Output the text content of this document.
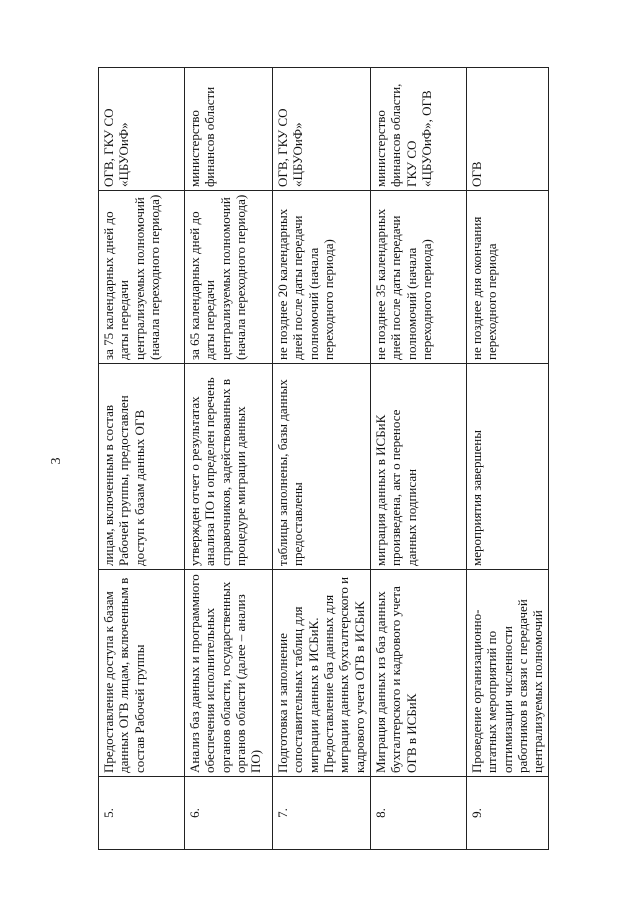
3
5.	Предоставление доступа к базам данных ОГВ лицам, включенным в состав Рабочей группы	лицам, включенным в состав Рабочей группы, предоставлен доступ к базам данных ОГВ	за 75 календарных дней до даты передачи централизуемых полномочий (начала переходного периода)	ОГВ, ГКУ СО «ЦБУОиФ»
6.	Анализ баз данных и программного обеспечения исполнительных органов области, государственных органов области (далее – анализ ПО)	утвержден отчет о результатах анализа ПО и определен перечень справочников, задействованных в процедуре миграции данных	за 65 календарных дней до даты передачи централизуемых полномочий (начала переходного периода)	министерство финансов области
7.	Подготовка и заполнение сопоставительных таблиц для миграции данных в ИСБиК. Предоставление баз данных для миграции данных бухгалтерского и кадрового учета ОГВ в ИСБиК	таблицы заполнены, базы данных предоставлены	не позднее 20 календарных дней после даты передачи полномочий (начала переходного периода)	ОГВ, ГКУ СО «ЦБУОиФ»
8.	Миграция данных из баз данных бухгалтерского и кадрового учета ОГВ в ИСБиК	миграция данных в ИСБиК произведена, акт о переносе данных подписан	не позднее 35 календарных дней после даты передачи полномочий (начала переходного периода)	министерство финансов области, ГКУ СО «ЦБУОиФ», ОГВ
9.	Проведение организационно-штатных мероприятий по оптимизации численности работников в связи с передачей централизуемых полномочий	мероприятия завершены	не позднее дня окончания переходного периода	ОГВ
